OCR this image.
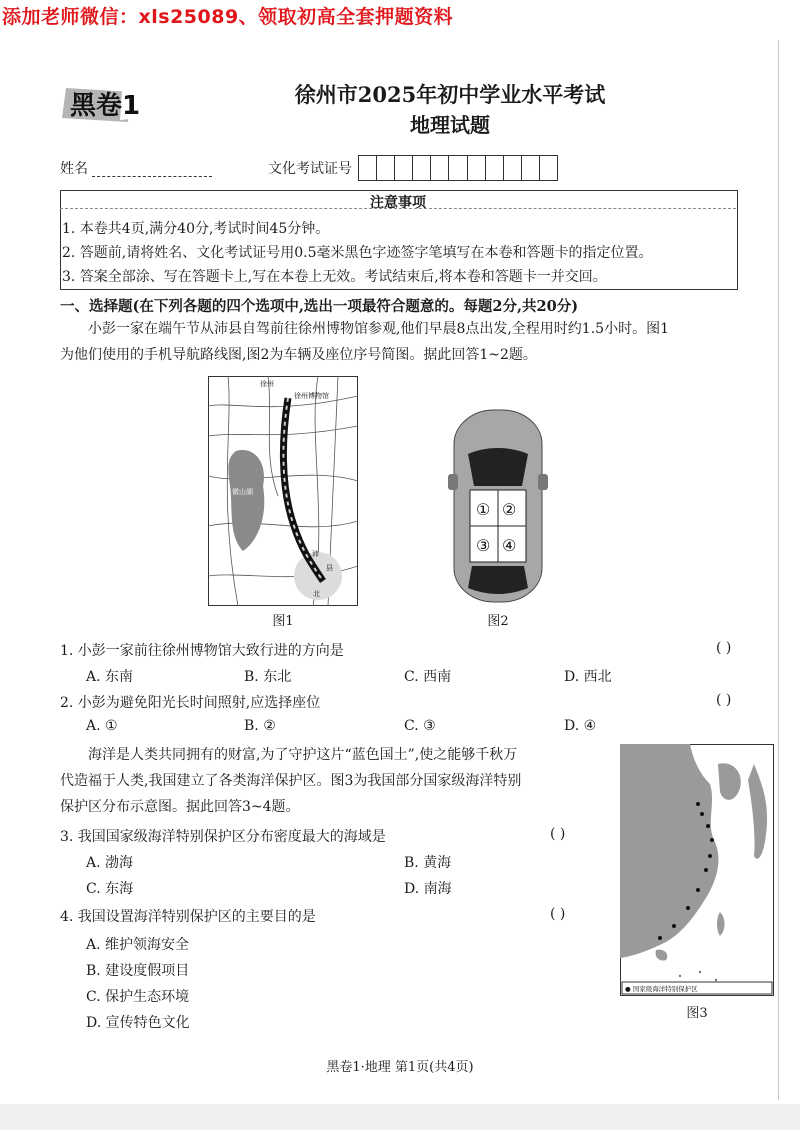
添加老师微信：xls25089、领取初高全套押题资料
黑卷1	徐州市2025年初中学业水平考试
地理试题
姓名	文化考试证号
注意事项
1. 本卷共4页,满分40分,考试时间45分钟。
2. 答题前,请将姓名、文化考试证号用0.5毫米黑色字迹签字笔填写在本卷和答题卡的指定位置。
3. 答案全部涂、写在答题卡上,写在本卷上无效。考试结束后,将本卷和答题卡一并交回。
一、选择题(在下列各题的四个选项中,选出一项最符合题意的。每题2分,共20分)
小彭一家在端午节从沛县自驾前往徐州博物馆参观,他们早晨8点出发,全程用时约1.5小时。图1
为他们使用的手机导航路线图,图2为车辆及座位序号简图。据此回答1~2题。
徐州
徐州博物馆
微山湖
沛
县
北
图1
① ②
③ ④
图2
1. 小彭一家前往徐州博物馆大致行进的方向是	( )
A. 东南	B. 东北	C. 西南	D. 西北
2. 小彭为避免阳光长时间照射,应选择座位	( )
A. ①	B. ②	C. ③	D. ④
海洋是人类共同拥有的财富,为了守护这片“蓝色国土”,使之能够千秋万
代造福于人类,我国建立了各类海洋保护区。图3为我国部分国家级海洋特别
保护区分布示意图。据此回答3~4题。
3. 我国国家级海洋特别保护区分布密度最大的海域是	( )
A. 渤海	B. 黄海
C. 东海	D. 南海
4. 我国设置海洋特别保护区的主要目的是	( )
A. 维护领海安全
B. 建设度假项目
C. 保护生态环境
D. 宣传特色文化
● 国家级海洋特别保护区
图3
黑卷1·地理 第1页(共4页)
